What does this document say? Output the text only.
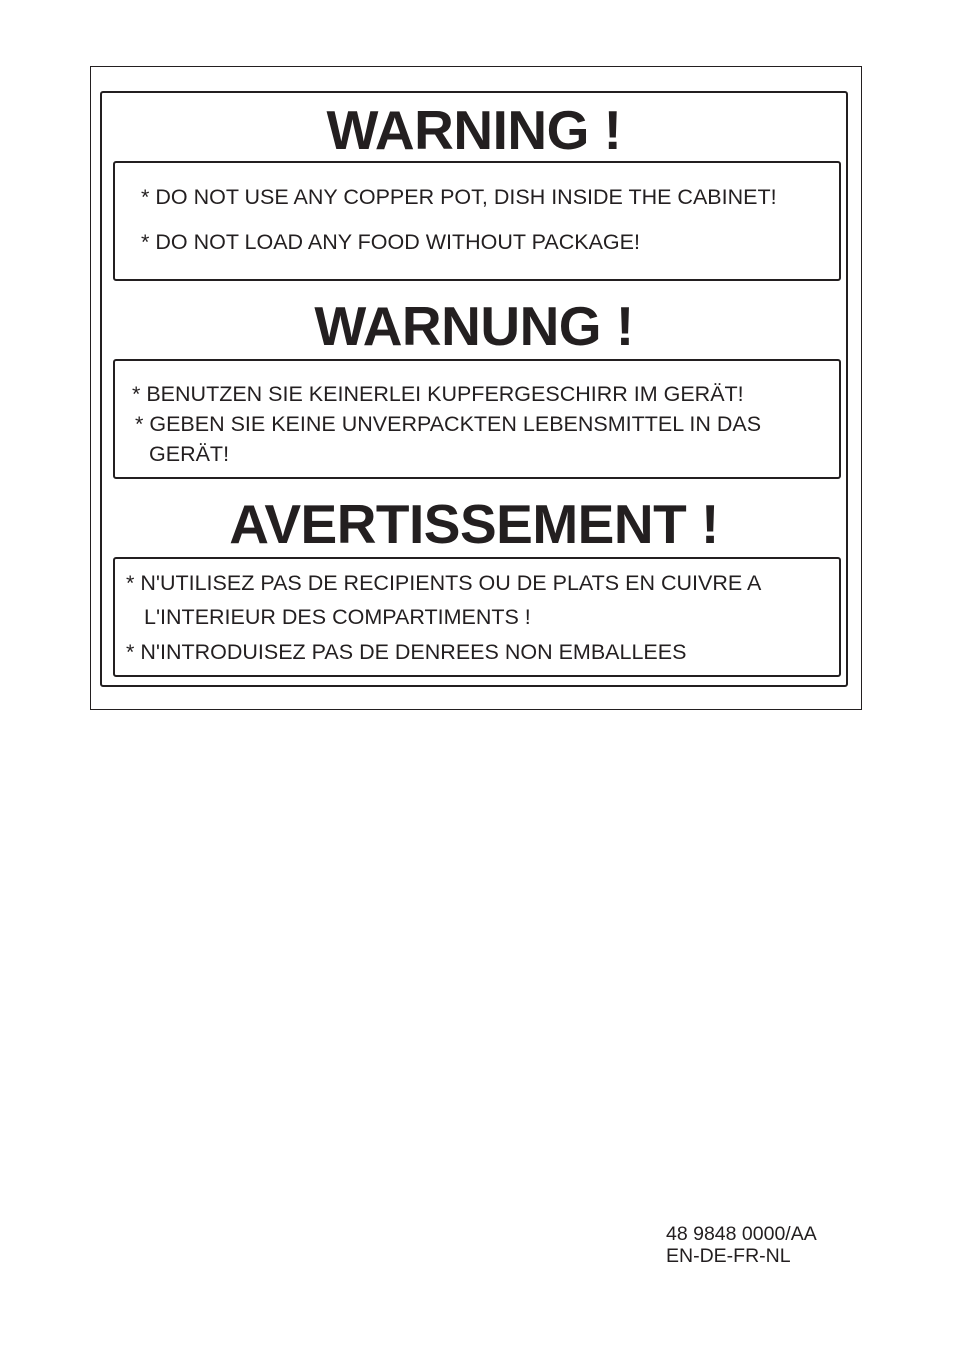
WARNING !

* DO NOT USE ANY COPPER POT, DISH INSIDE THE CABINET!

* DO NOT LOAD ANY FOOD WITHOUT PACKAGE!

WARNUNG !

* BENUTZEN SIE KEINERLEI KUPFERGESCHIRR IM GERÄT!

* GEBEN SIE KEINE UNVERPACKTEN LEBENSMITTEL IN DAS

GERÄT!

AVERTISSEMENT !

* N'UTILISEZ PAS DE RECIPIENTS OU DE PLATS EN CUIVRE A

L'INTERIEUR DES COMPARTIMENTS !

* N'INTRODUISEZ PAS DE DENREES NON EMBALLEES

48 9848 0000/AA

EN-DE-FR-NL
